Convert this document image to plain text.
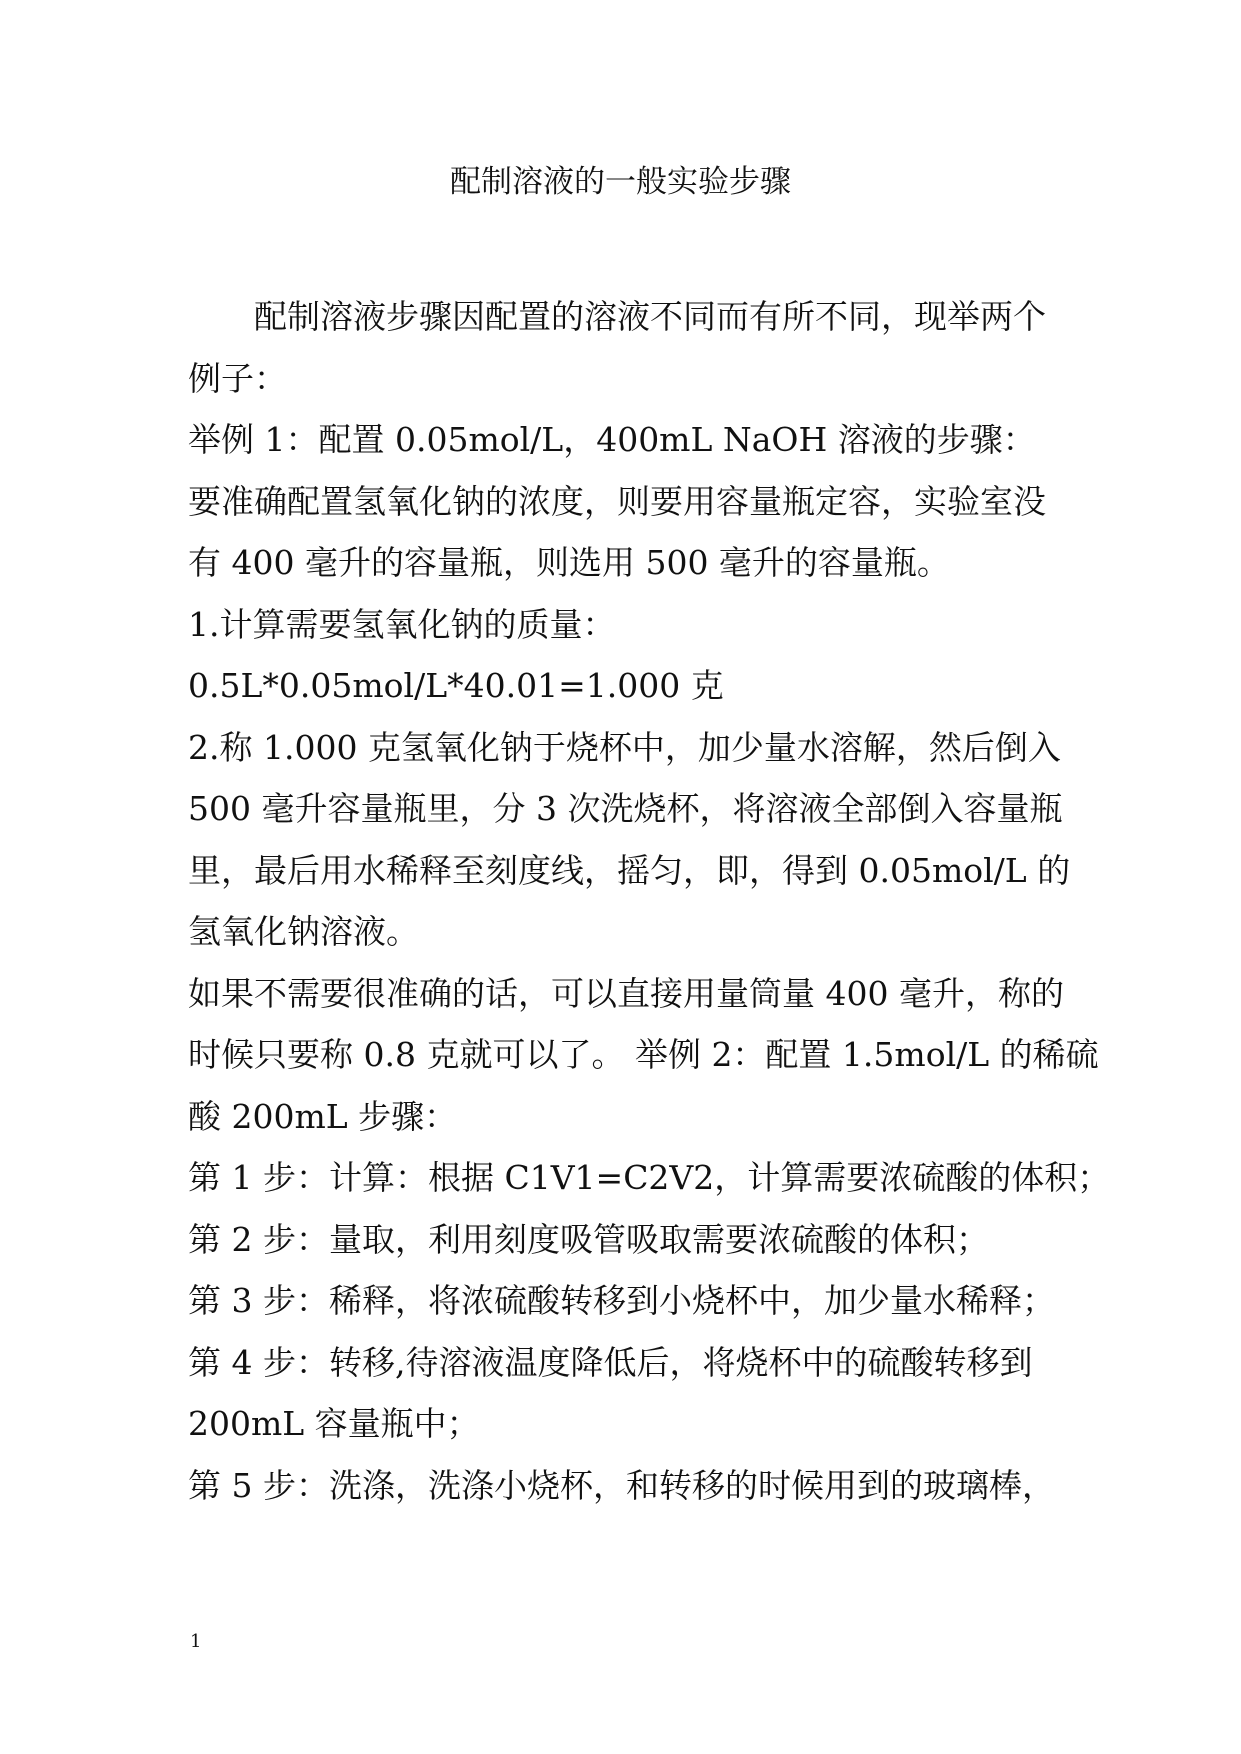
配制溶液的一般实验步骤
配制溶液步骤因配置的溶液不同而有所不同，现举两个
例子：
举例 1：配置 0.05mol/L，400mL NaOH 溶液的步骤：
要准确配置氢氧化钠的浓度，则要用容量瓶定容，实验室没
有 400 毫升的容量瓶，则选用 500 毫升的容量瓶。
1.计算需要氢氧化钠的质量：
0.5L*0.05mol/L*40.01=1.000 克
2.称 1.000 克氢氧化钠于烧杯中，加少量水溶解，然后倒入
500 毫升容量瓶里，分 3 次洗烧杯，将溶液全部倒入容量瓶
里，最后用水稀释至刻度线，摇匀，即，得到 0.05mol/L 的
氢氧化钠溶液。
如果不需要很准确的话，可以直接用量筒量 400 毫升，称的
时候只要称 0.8 克就可以了。 举例 2：配置 1.5mol/L 的稀硫
酸 200mL 步骤：
第 1 步：计算：根据 C1V1=C2V2，计算需要浓硫酸的体积；
第 2 步：量取，利用刻度吸管吸取需要浓硫酸的体积；
第 3 步：稀释，将浓硫酸转移到小烧杯中，加少量水稀释；
第 4 步：转移,待溶液温度降低后，将烧杯中的硫酸转移到
200mL 容量瓶中；
第 5 步：洗涤，洗涤小烧杯，和转移的时候用到的玻璃棒，
1
